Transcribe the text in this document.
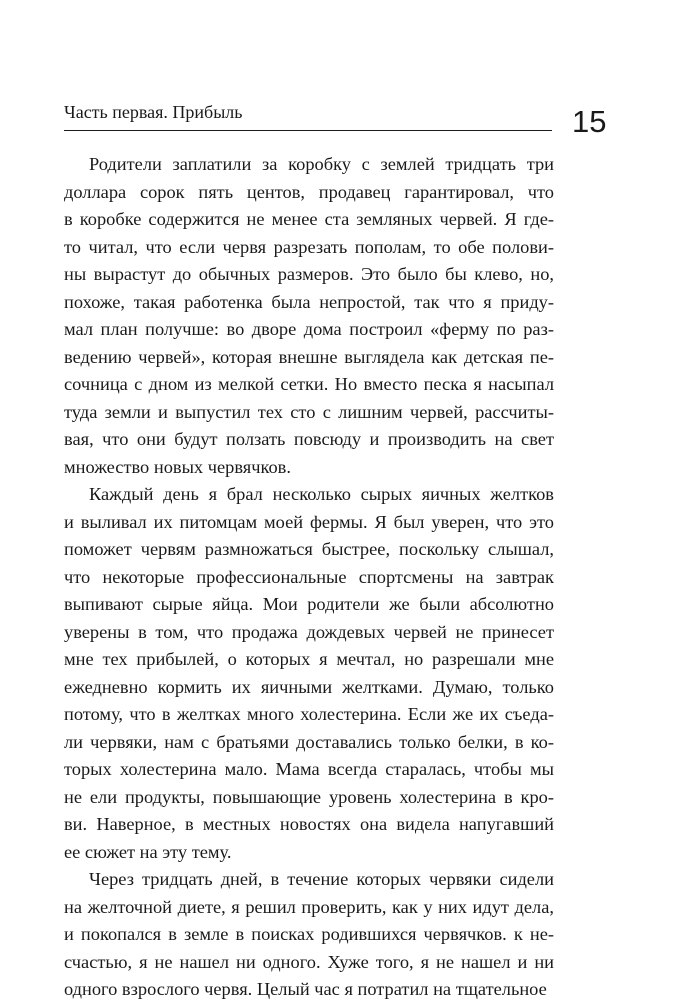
Часть первая. Прибыль	15
Родители заплатили за коробку с землей тридцать три
доллара сорок пять центов, продавец гарантировал, что
в коробке содержится не менее ста земляных червей. Я где-
то читал, что если червя разрезать пополам, то обе полови-
ны вырастут до обычных размеров. Это было бы клево, но,
похоже, такая работенка была непростой, так что я приду-
мал план получше: во дворе дома построил «ферму по раз-
ведению червей», которая внешне выглядела как детская пе-
сочница с дном из мелкой сетки. Но вместо песка я насыпал
туда земли и выпустил тех сто с лишним червей, рассчиты-
вая, что они будут ползать повсюду и производить на свет
множество новых червячков.
Каждый день я брал несколько сырых яичных желтков
и выливал их питомцам моей фермы. Я был уверен, что это
поможет червям размножаться быстрее, поскольку слышал,
что некоторые профессиональные спортсмены на завтрак
выпивают сырые яйца. Мои родители же были абсолютно
уверены в том, что продажа дождевых червей не принесет
мне тех прибылей, о которых я мечтал, но разрешали мне
ежедневно кормить их яичными желтками. Думаю, только
потому, что в желтках много холестерина. Если же их съеда-
ли червяки, нам с братьями доставались только белки, в ко-
торых холестерина мало. Мама всегда старалась, чтобы мы
не ели продукты, повышающие уровень холестерина в кро-
ви. Наверное, в местных новостях она видела напугавший
ее сюжет на эту тему.
Через тридцать дней, в течение которых червяки сидели
на желточной диете, я решил проверить, как у них идут дела,
и покопался в земле в поисках родившихся червячков. к не-
счастью, я не нашел ни одного. Хуже того, я не нашел и ни
одного взрослого червя. Целый час я потратил на тщательное
